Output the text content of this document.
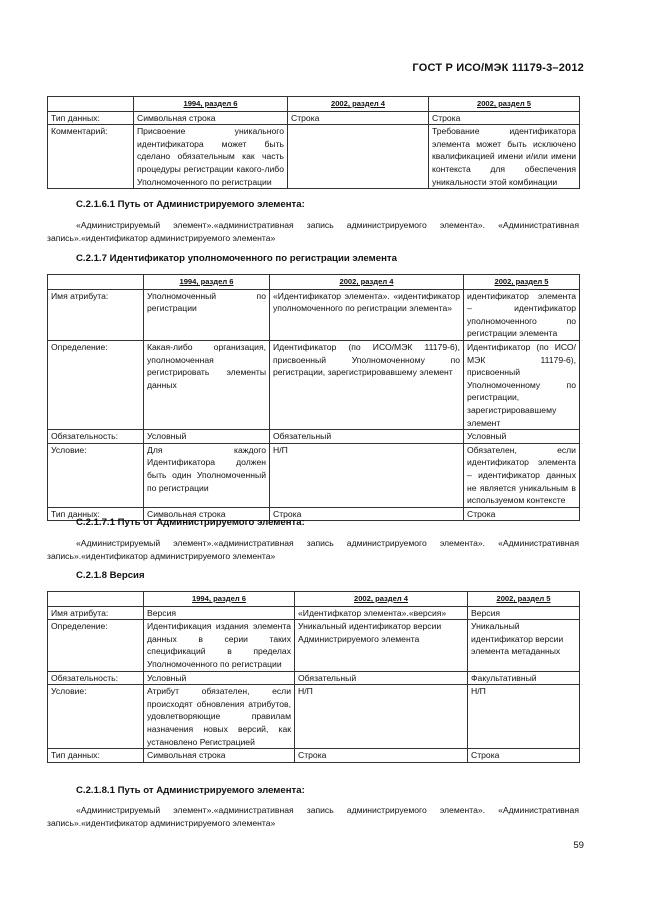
ГОСТ Р ИСО/МЭК 11179-3–2012
	1994, раздел 6	2002, раздел 4	2002, раздел 5
Тип данных:	Символьная строка	Строка	Строка
Комментарий:	Присвоение уникального идентификатора может быть сделано обязательным как часть процедуры регистрации какого-либо Уполномоченного по регистрации		Требование идентификатора элемента может быть исключено квалификацией имени и/или имени контекста для обеспечения уникальности этой комбинации
C.2.1.6.1 Путь от Администрируемого элемента:
«Администрируемый элемент».«административная запись администрируемого элемента». «Административная запись».«идентификатор администрируемого элемента»
C.2.1.7 Идентификатор уполномоченного по регистрации элемента
	1994, раздел 6	2002, раздел 4	2002, раздел 5
Имя атрибута:	Уполномоченный по регистрации	«Идентификатор элемента». «идентификатор уполномоченного по регистрации элемента»	идентификатор элемента – идентификатор уполномоченного по регистрации элемента
Определение:	Какая-либо организация, уполномоченная регистрировать элементы данных	Идентификатор (по ИСО/МЭК 11179-6), присвоенный Уполномоченному по регистрации, зарегистрировавшему элемент	Идентификатор (по ИСО/МЭК 11179-6), присвоенный Уполномоченному по регистрации, зарегистрировавшему элемент
Обязательность:	Условный	Обязательный	Условный
Условие:	Для каждого Идентификатора должен быть один Уполномоченный по регистрации	Н/П	Обязателен, если идентификатор элемента – идентификатор данных не является уникальным в используемом контексте
Тип данных:	Символьная строка	Строка	Строка
C.2.1.7.1 Путь от Администрируемого элемента:
«Администрируемый элемент».«административная запись администрируемого элемента». «Административная запись».«идентификатор администрируемого элемента»
C.2.1.8 Версия
	1994, раздел 6	2002, раздел 4	2002, раздел 5
Имя атрибута:	Версия	«Идентифкатор элемента».«версия»	Версия
Определение:	Идентификация издания элемента данных в серии таких спецификаций в пределах Уполномоченного по регистрации	Уникальный идентификатор версии Администрируемого элемента	Уникальный идентификатор версии элемента метаданных
Обязательность:	Условный	Обязательный	Факультативный
Условие:	Атрибут обязателен, если происходят обновления атрибутов, удовлетворяющие правилам назначения новых версий, как установлено Регистрацией	Н/П	Н/П
Тип данных:	Символьная строка	Строка	Строка
C.2.1.8.1 Путь от Администрируемого элемента:
«Администрируемый элемент».«административная запись администрируемого элемента». «Административная запись».«идентификатор администрируемого элемента»
59
